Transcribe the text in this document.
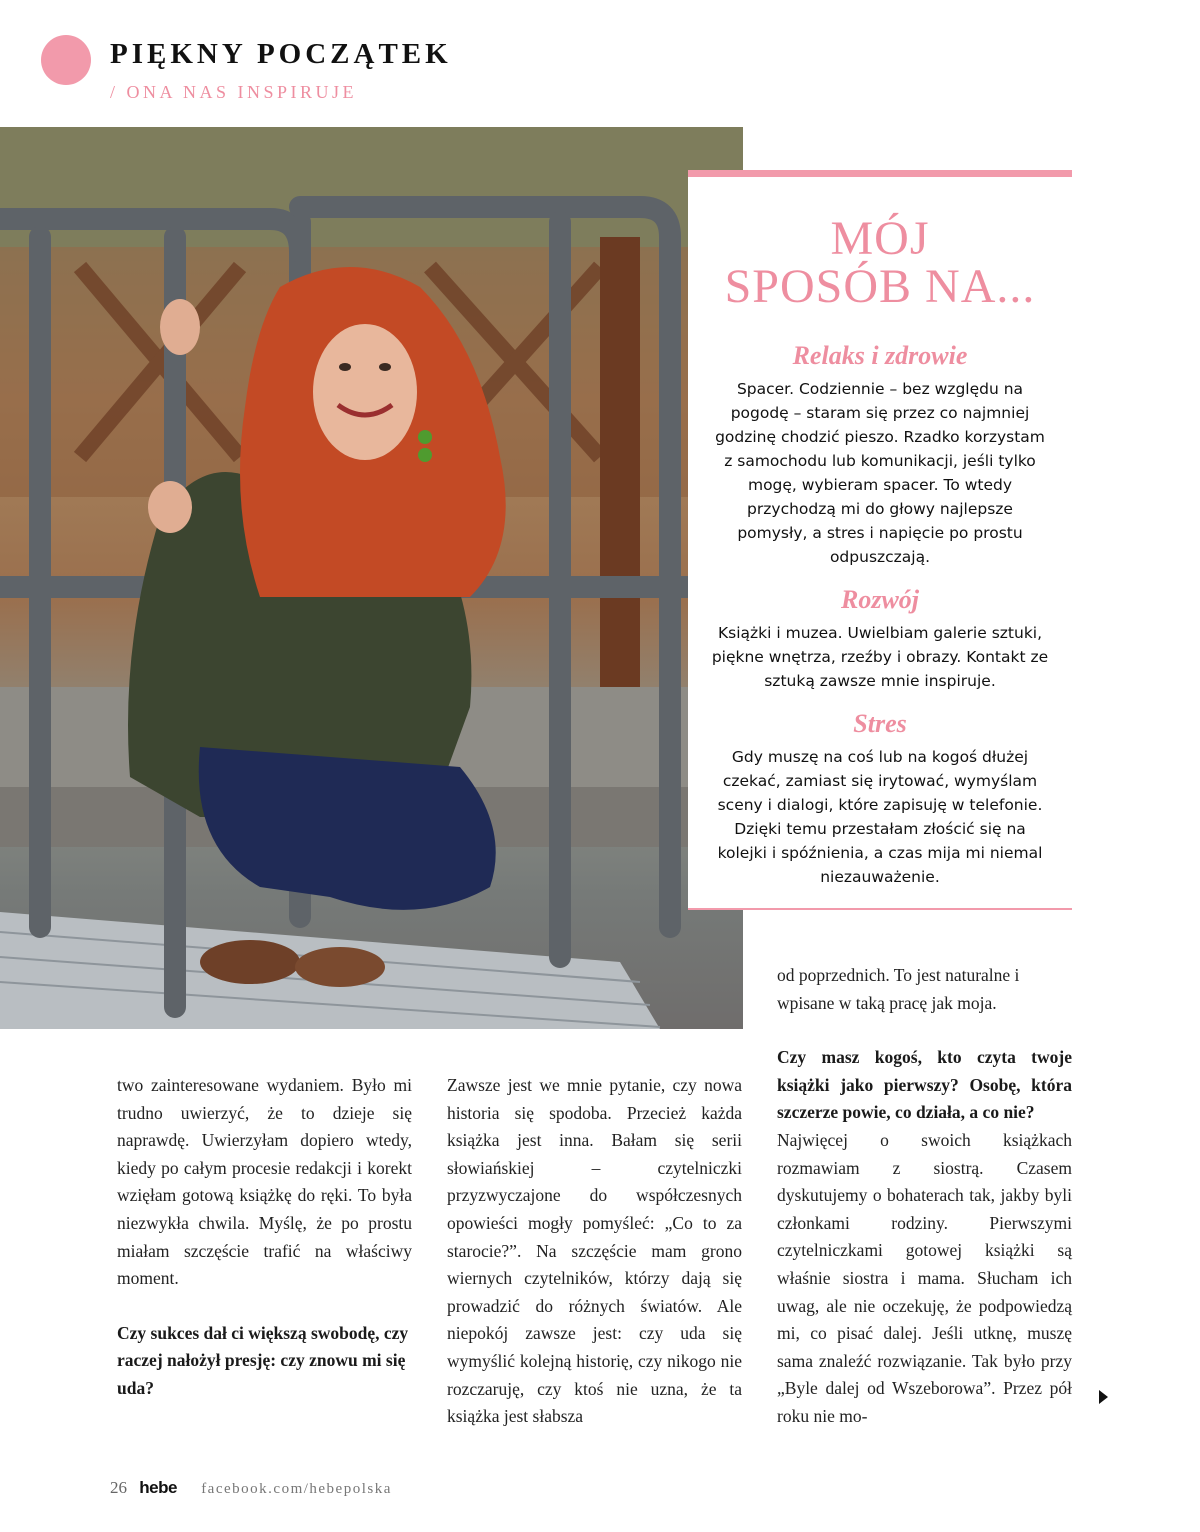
PIĘKNY POCZĄTEK
/ ONA NAS INSPIRUJE
MÓJ
SPOSÓB NA...
Relaks i zdrowie
Spacer. Codziennie – bez względu na pogodę – staram się przez co najmniej godzinę chodzić pieszo. Rzadko korzystam z samochodu lub komunikacji, jeśli tylko mogę, wybieram spacer. To wtedy przychodzą mi do głowy najlepsze pomysły, a stres i napięcie po prostu odpuszczają.
Rozwój
Książki i muzea. Uwielbiam galerie sztuki, piękne wnętrza, rzeźby i obrazy. Kontakt ze sztuką zawsze mnie inspiruje.
Stres
Gdy muszę na coś lub na kogoś dłużej czekać, zamiast się irytować, wymyślam sceny i dialogi, które zapisuję w telefonie. Dzięki temu przestałam złościć się na kolejki i spóźnienia, a czas mija mi niemal niezauważenie.

two zainteresowane wydaniem. Było mi trudno uwierzyć, że to dzieje się naprawdę. Uwierzyłam dopiero wtedy, kiedy po całym procesie redakcji i korekt wzięłam gotową książkę do ręki. To była niezwykła chwila. Myślę, że po prostu miałam szczęście trafić na właściwy moment.

Czy sukces dał ci większą swobodę, czy raczej nałożył presję: czy znowu mi się uda?

Zawsze jest we mnie pytanie, czy nowa historia się spodoba. Przecież każda książka jest inna. Bałam się serii słowiańskiej – czytelniczki przyzwyczajone do współczesnych opowieści mogły pomyśleć: „Co to za starocie?”. Na szczęście mam grono wiernych czytelników, którzy dają się prowadzić do różnych światów. Ale niepokój zawsze jest: czy uda się wymyślić kolejną historię, czy nikogo nie rozczaruję, czy ktoś nie uzna, że ta książka jest słabsza

od poprzednich. To jest naturalne i wpisane w taką pracę jak moja.

Czy masz kogoś, kto czyta twoje książki jako pierwszy? Osobę, która szczerze powie, co działa, a co nie?

Najwięcej o swoich książkach rozmawiam z siostrą. Czasem dyskutujemy o bohaterach tak, jakby byli członkami rodziny. Pierwszymi czytelniczkami gotowej książki są właśnie siostra i mama. Słucham ich uwag, ale nie oczekuję, że podpowiedzą mi, co pisać dalej. Jeśli utknę, muszę sama znaleźć rozwiązanie. Tak było przy „Byle dalej od Wszeborowa”. Przez pół roku nie mo-

26 hebe facebook.com/hebepolska
